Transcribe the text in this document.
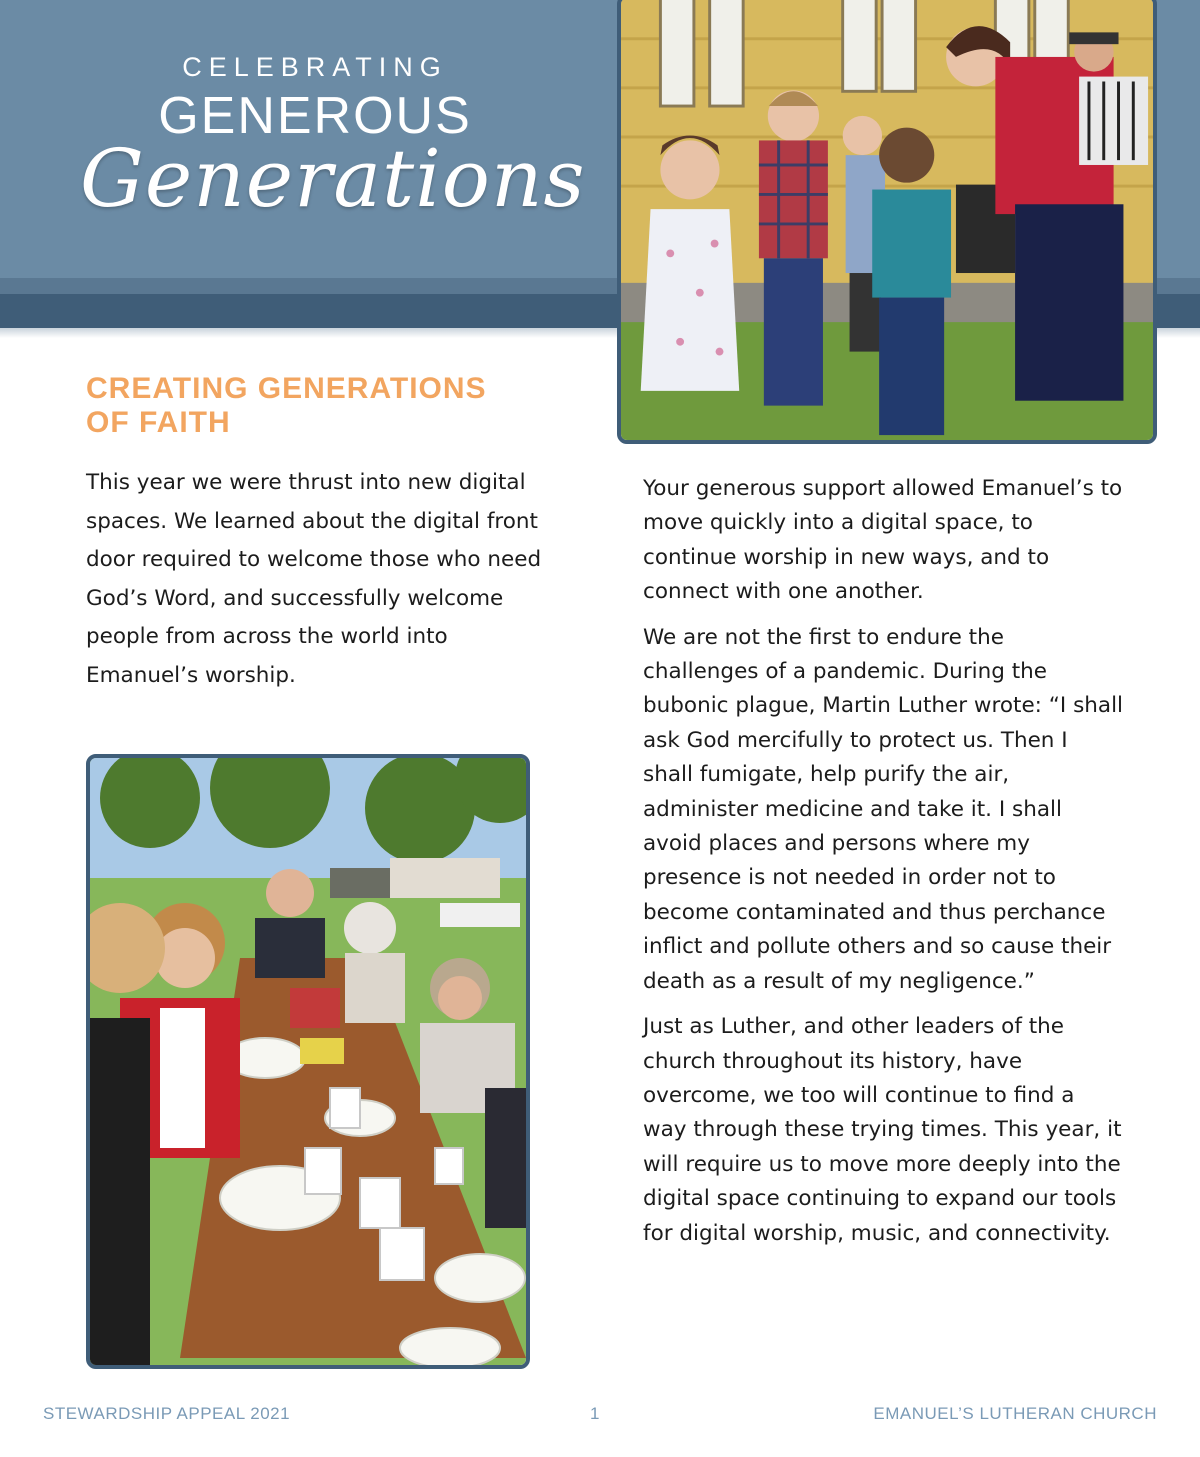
CELEBRATING
GENEROUS
Generations
CREATING GENERATIONS
OF FAITH

This year we were thrust into new digital spaces. We learned about the digital front door required to welcome those who need God’s Word, and successfully welcome people from across the world into Emanuel’s worship.

Your generous support allowed Emanuel’s to move quickly into a digital space, to continue worship in new ways, and to connect with one another.

We are not the first to endure the challenges of a pandemic. During the bubonic plague, Martin Luther wrote: “I shall ask God mercifully to protect us. Then I shall fumigate, help purify the air, administer medicine and take it. I shall avoid places and persons where my presence is not needed in order not to become contaminated and thus perchance inflict and pollute others and so cause their death as a result of my negligence.”

Just as Luther, and other leaders of the church throughout its history, have overcome, we too will continue to find a way through these trying times. This year, it will require us to move more deeply into the digital space continuing to expand our tools for digital worship, music, and connectivity.

STEWARDSHIP APPEAL 2021	1	EMANUEL’S LUTHERAN CHURCH
